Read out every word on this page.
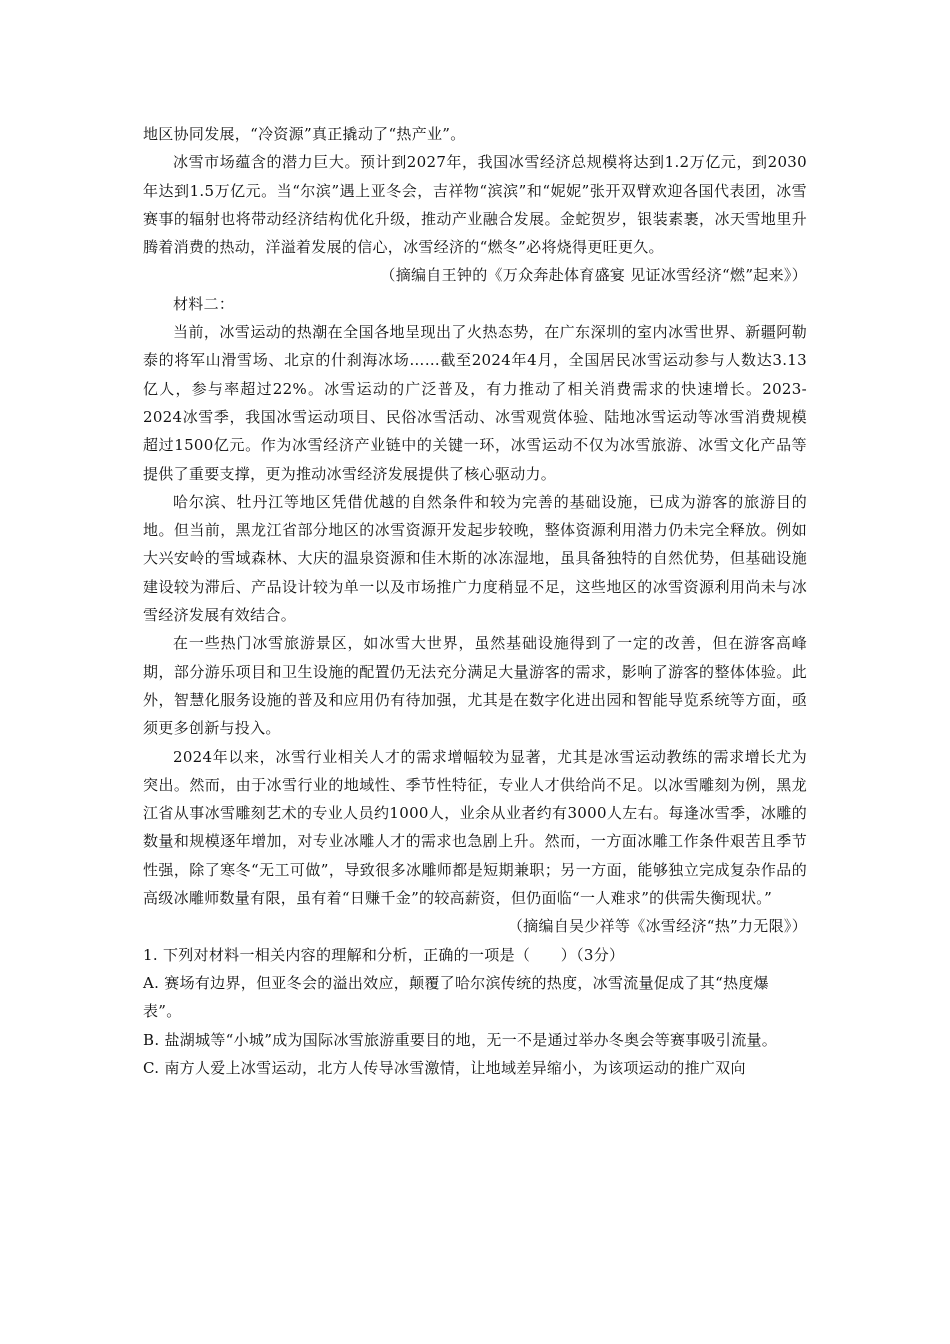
地区协同发展，“冷资源”真正撬动了“热产业”。

冰雪市场蕴含的潜力巨大。预计到2027年，我国冰雪经济总规模将达到1.2万亿元，到2030年达到1.5万亿元。当“尔滨”遇上亚冬会，吉祥物“滨滨”和“妮妮”张开双臂欢迎各国代表团，冰雪赛事的辐射也将带动经济结构优化升级，推动产业融合发展。金蛇贺岁，银装素裹，冰天雪地里升腾着消费的热动，洋溢着发展的信心，冰雪经济的“燃冬”必将烧得更旺更久。

（摘编自王钟的《万众奔赴体育盛宴 见证冰雪经济“燃”起来》）

材料二：

当前，冰雪运动的热潮在全国各地呈现出了火热态势，在广东深圳的室内冰雪世界、新疆阿勒泰的将军山滑雪场、北京的什刹海冰场……截至2024年4月，全国居民冰雪运动参与人数达3.13亿人，参与率超过22%。冰雪运动的广泛普及，有力推动了相关消费需求的快速增长。2023-2024冰雪季，我国冰雪运动项目、民俗冰雪活动、冰雪观赏体验、陆地冰雪运动等冰雪消费规模超过1500亿元。作为冰雪经济产业链中的关键一环，冰雪运动不仅为冰雪旅游、冰雪文化产品等提供了重要支撑，更为推动冰雪经济发展提供了核心驱动力。

哈尔滨、牡丹江等地区凭借优越的自然条件和较为完善的基础设施，已成为游客的旅游目的地。但当前，黑龙江省部分地区的冰雪资源开发起步较晚，整体资源利用潜力仍未完全释放。例如大兴安岭的雪域森林、大庆的温泉资源和佳木斯的冰冻湿地，虽具备独特的自然优势，但基础设施建设较为滞后、产品设计较为单一以及市场推广力度稍显不足，这些地区的冰雪资源利用尚未与冰雪经济发展有效结合。

在一些热门冰雪旅游景区，如冰雪大世界，虽然基础设施得到了一定的改善，但在游客高峰期，部分游乐项目和卫生设施的配置仍无法充分满足大量游客的需求，影响了游客的整体体验。此外，智慧化服务设施的普及和应用仍有待加强，尤其是在数字化进出园和智能导览系统等方面，亟须更多创新与投入。

2024年以来，冰雪行业相关人才的需求增幅较为显著，尤其是冰雪运动教练的需求增长尤为突出。然而，由于冰雪行业的地域性、季节性特征，专业人才供给尚不足。以冰雪雕刻为例，黑龙江省从事冰雪雕刻艺术的专业人员约1000人，业余从业者约有3000人左右。每逢冰雪季，冰雕的数量和规模逐年增加，对专业冰雕人才的需求也急剧上升。然而，一方面冰雕工作条件艰苦且季节性强，除了寒冬“无工可做”，导致很多冰雕师都是短期兼职；另一方面，能够独立完成复杂作品的高级冰雕师数量有限，虽有着“日赚千金”的较高薪资，但仍面临“一人难求”的供需失衡现状。”

（摘编自吴少祥等《冰雪经济“热”力无限》）

1. 下列对材料一相关内容的理解和分析，正确的一项是（　　）（3分）

A. 赛场有边界，但亚冬会的溢出效应，颠覆了哈尔滨传统的热度，冰雪流量促成了其“热度爆表”。

B. 盐湖城等“小城”成为国际冰雪旅游重要目的地，无一不是通过举办冬奥会等赛事吸引流量。

C. 南方人爱上冰雪运动，北方人传导冰雪激情，让地域差异缩小，为该项运动的推广双向
